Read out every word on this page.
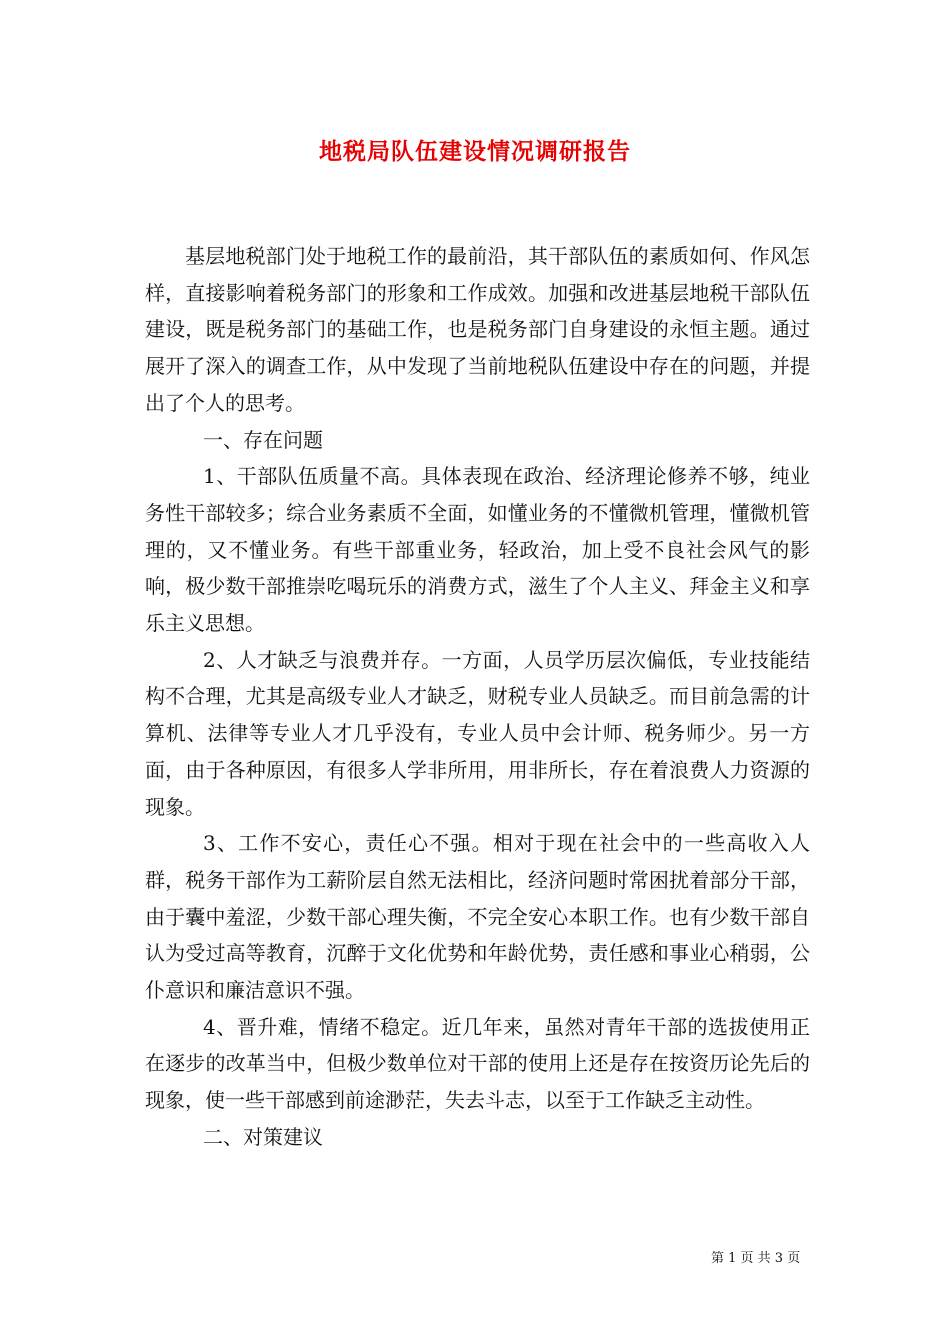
地税局队伍建设情况调研报告

基层地税部门处于地税工作的最前沿，其干部队伍的素质如何、作风怎样，直接影响着税务部门的形象和工作成效。加强和改进基层地税干部队伍建设，既是税务部门的基础工作，也是税务部门自身建设的永恒主题。通过展开了深入的调查工作，从中发现了当前地税队伍建设中存在的问题，并提出了个人的思考。

一、存在问题

1、干部队伍质量不高。具体表现在政治、经济理论修养不够，纯业务性干部较多；综合业务素质不全面，如懂业务的不懂微机管理，懂微机管理的，又不懂业务。有些干部重业务，轻政治，加上受不良社会风气的影响，极少数干部推崇吃喝玩乐的消费方式，滋生了个人主义、拜金主义和享乐主义思想。

2、人才缺乏与浪费并存。一方面，人员学历层次偏低，专业技能结构不合理，尤其是高级专业人才缺乏，财税专业人员缺乏。而目前急需的计算机、法律等专业人才几乎没有，专业人员中会计师、税务师少。另一方面，由于各种原因，有很多人学非所用，用非所长，存在着浪费人力资源的现象。

3、工作不安心，责任心不强。相对于现在社会中的一些高收入人群，税务干部作为工薪阶层自然无法相比，经济问题时常困扰着部分干部，由于囊中羞涩，少数干部心理失衡，不完全安心本职工作。也有少数干部自认为受过高等教育，沉醉于文化优势和年龄优势，责任感和事业心稍弱，公仆意识和廉洁意识不强。

4、晋升难，情绪不稳定。近几年来，虽然对青年干部的选拔使用正在逐步的改革当中，但极少数单位对干部的使用上还是存在按资历论先后的现象，使一些干部感到前途渺茫，失去斗志，以至于工作缺乏主动性。

二、对策建议

第 1 页 共 3 页
